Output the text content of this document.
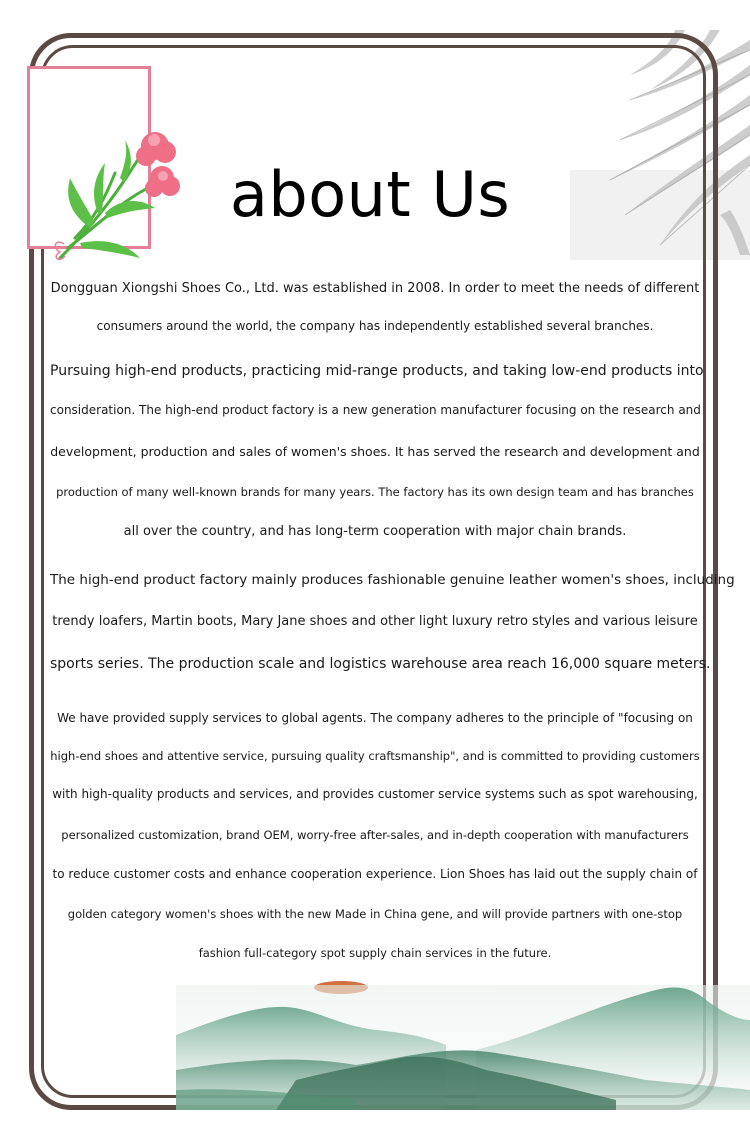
about Us
Dongguan Xiongshi Shoes Co., Ltd. was established in 2008. In order to meet the needs of different
consumers around the world, the company has independently established several branches.
Pursuing high-end products, practicing mid-range products, and taking low-end products into
consideration. The high-end product factory is a new generation manufacturer focusing on the research and
development, production and sales of women's shoes. It has served the research and development and
production of many well-known brands for many years. The factory has its own design team and has branches
all over the country, and has long-term cooperation with major chain brands.
The high-end product factory mainly produces fashionable genuine leather women's shoes, including
trendy loafers, Martin boots, Mary Jane shoes and other light luxury retro styles and various leisure
sports series. The production scale and logistics warehouse area reach 16,000 square meters.
We have provided supply services to global agents. The company adheres to the principle of "focusing on
high-end shoes and attentive service, pursuing quality craftsmanship", and is committed to providing customers
with high-quality products and services, and provides customer service systems such as spot warehousing,
personalized customization, brand OEM, worry-free after-sales, and in-depth cooperation with manufacturers
to reduce customer costs and enhance cooperation experience. Lion Shoes has laid out the supply chain of
golden category women's shoes with the new Made in China gene, and will provide partners with one-stop
fashion full-category spot supply chain services in the future.
